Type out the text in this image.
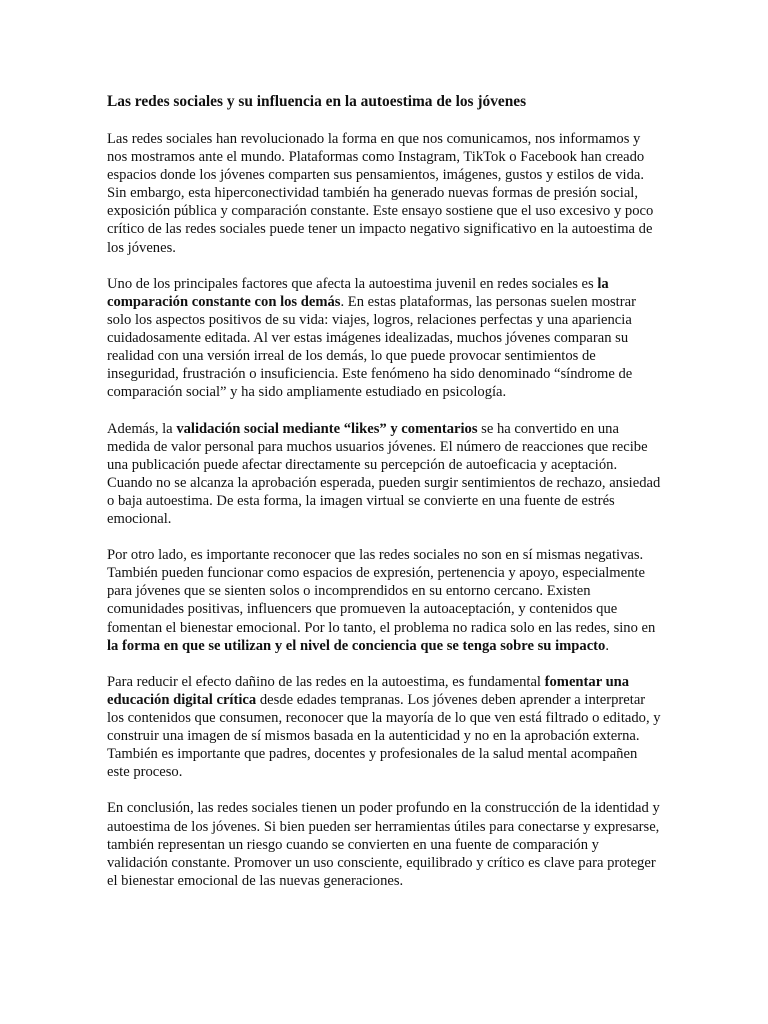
Las redes sociales y su influencia en la autoestima de los jóvenes

Las redes sociales han revolucionado la forma en que nos comunicamos, nos informamos y nos mostramos ante el mundo. Plataformas como Instagram, TikTok o Facebook han creado espacios donde los jóvenes comparten sus pensamientos, imágenes, gustos y estilos de vida. Sin embargo, esta hiperconectividad también ha generado nuevas formas de presión social, exposición pública y comparación constante. Este ensayo sostiene que el uso excesivo y poco crítico de las redes sociales puede tener un impacto negativo significativo en la autoestima de los jóvenes.

Uno de los principales factores que afecta la autoestima juvenil en redes sociales es la comparación constante con los demás. En estas plataformas, las personas suelen mostrar solo los aspectos positivos de su vida: viajes, logros, relaciones perfectas y una apariencia cuidadosamente editada. Al ver estas imágenes idealizadas, muchos jóvenes comparan su realidad con una versión irreal de los demás, lo que puede provocar sentimientos de inseguridad, frustración o insuficiencia. Este fenómeno ha sido denominado “síndrome de comparación social” y ha sido ampliamente estudiado en psicología.

Además, la validación social mediante “likes” y comentarios se ha convertido en una medida de valor personal para muchos usuarios jóvenes. El número de reacciones que recibe una publicación puede afectar directamente su percepción de autoeficacia y aceptación. Cuando no se alcanza la aprobación esperada, pueden surgir sentimientos de rechazo, ansiedad o baja autoestima. De esta forma, la imagen virtual se convierte en una fuente de estrés emocional.

Por otro lado, es importante reconocer que las redes sociales no son en sí mismas negativas. También pueden funcionar como espacios de expresión, pertenencia y apoyo, especialmente para jóvenes que se sienten solos o incomprendidos en su entorno cercano. Existen comunidades positivas, influencers que promueven la autoaceptación, y contenidos que fomentan el bienestar emocional. Por lo tanto, el problema no radica solo en las redes, sino en la forma en que se utilizan y el nivel de conciencia que se tenga sobre su impacto.

Para reducir el efecto dañino de las redes en la autoestima, es fundamental fomentar una educación digital crítica desde edades tempranas. Los jóvenes deben aprender a interpretar los contenidos que consumen, reconocer que la mayoría de lo que ven está filtrado o editado, y construir una imagen de sí mismos basada en la autenticidad y no en la aprobación externa. También es importante que padres, docentes y profesionales de la salud mental acompañen este proceso.

En conclusión, las redes sociales tienen un poder profundo en la construcción de la identidad y autoestima de los jóvenes. Si bien pueden ser herramientas útiles para conectarse y expresarse, también representan un riesgo cuando se convierten en una fuente de comparación y validación constante. Promover un uso consciente, equilibrado y crítico es clave para proteger el bienestar emocional de las nuevas generaciones.
